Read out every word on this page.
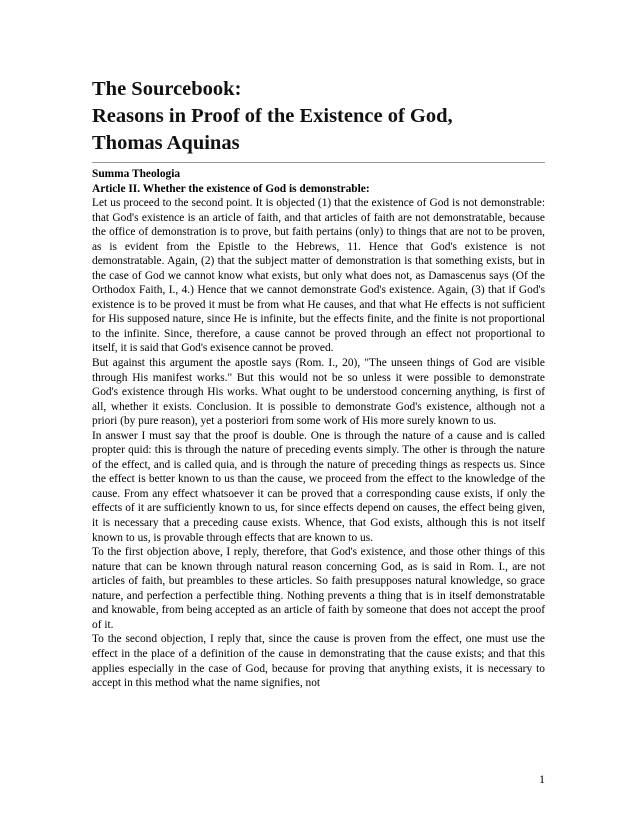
The Sourcebook:
Reasons in Proof of the Existence of God,
Thomas Aquinas

Summa Theologia

Article II. Whether the existence of God is demonstrable:

Let us proceed to the second point. It is objected (1) that the existence of God is not demonstrable: that God's existence is an article of faith, and that articles of faith are not demonstratable, because the office of demonstration is to prove, but faith pertains (only) to things that are not to be proven, as is evident from the Epistle to the Hebrews, 11. Hence that God's existence is not demonstratable. Again, (2) that the subject matter of demonstration is that something exists, but in the case of God we cannot know what exists, but only what does not, as Damascenus says (Of the Orthodox Faith, I., 4.) Hence that we cannot demonstrate God's existence. Again, (3) that if God's existence is to be proved it must be from what He causes, and that what He effects is not sufficient for His supposed nature, since He is infinite, but the effects finite, and the finite is not proportional to the infinite. Since, therefore, a cause cannot be proved through an effect not proportional to itself, it is said that God's exisence cannot be proved.

But against this argument the apostle says (Rom. I., 20), "The unseen things of God are visible through His manifest works." But this would not be so unless it were possible to demonstrate God's existence through His works. What ought to be understood concerning anything, is first of all, whether it exists. Conclusion. It is possible to demonstrate God's existence, although not a priori (by pure reason), yet a posteriori from some work of His more surely known to us.

In answer I must say that the proof is double. One is through the nature of a cause and is called propter quid: this is through the nature of preceding events simply. The other is through the nature of the effect, and is called quia, and is through the nature of preceding things as respects us. Since the effect is better known to us than the cause, we proceed from the effect to the knowledge of the cause. From any effect whatsoever it can be proved that a corresponding cause exists, if only the effects of it are sufficiently known to us, for since effects depend on causes, the effect being given, it is necessary that a preceding cause exists. Whence, that God exists, although this is not itself known to us, is provable through effects that are known to us.

To the first objection above, I reply, therefore, that God's existence, and those other things of this nature that can be known through natural reason concerning God, as is said in Rom. I., are not articles of faith, but preambles to these articles. So faith presupposes natural knowledge, so grace nature, and perfection a perfectible thing. Nothing prevents a thing that is in itself demonstratable and knowable, from being accepted as an article of faith by someone that does not accept the proof of it.

To the second objection, I reply that, since the cause is proven from the effect, one must use the effect in the place of a definition of the cause in demonstrating that the cause exists; and that this applies especially in the case of God, because for proving that anything exists, it is necessary to accept in this method what the name signifies, not

1
